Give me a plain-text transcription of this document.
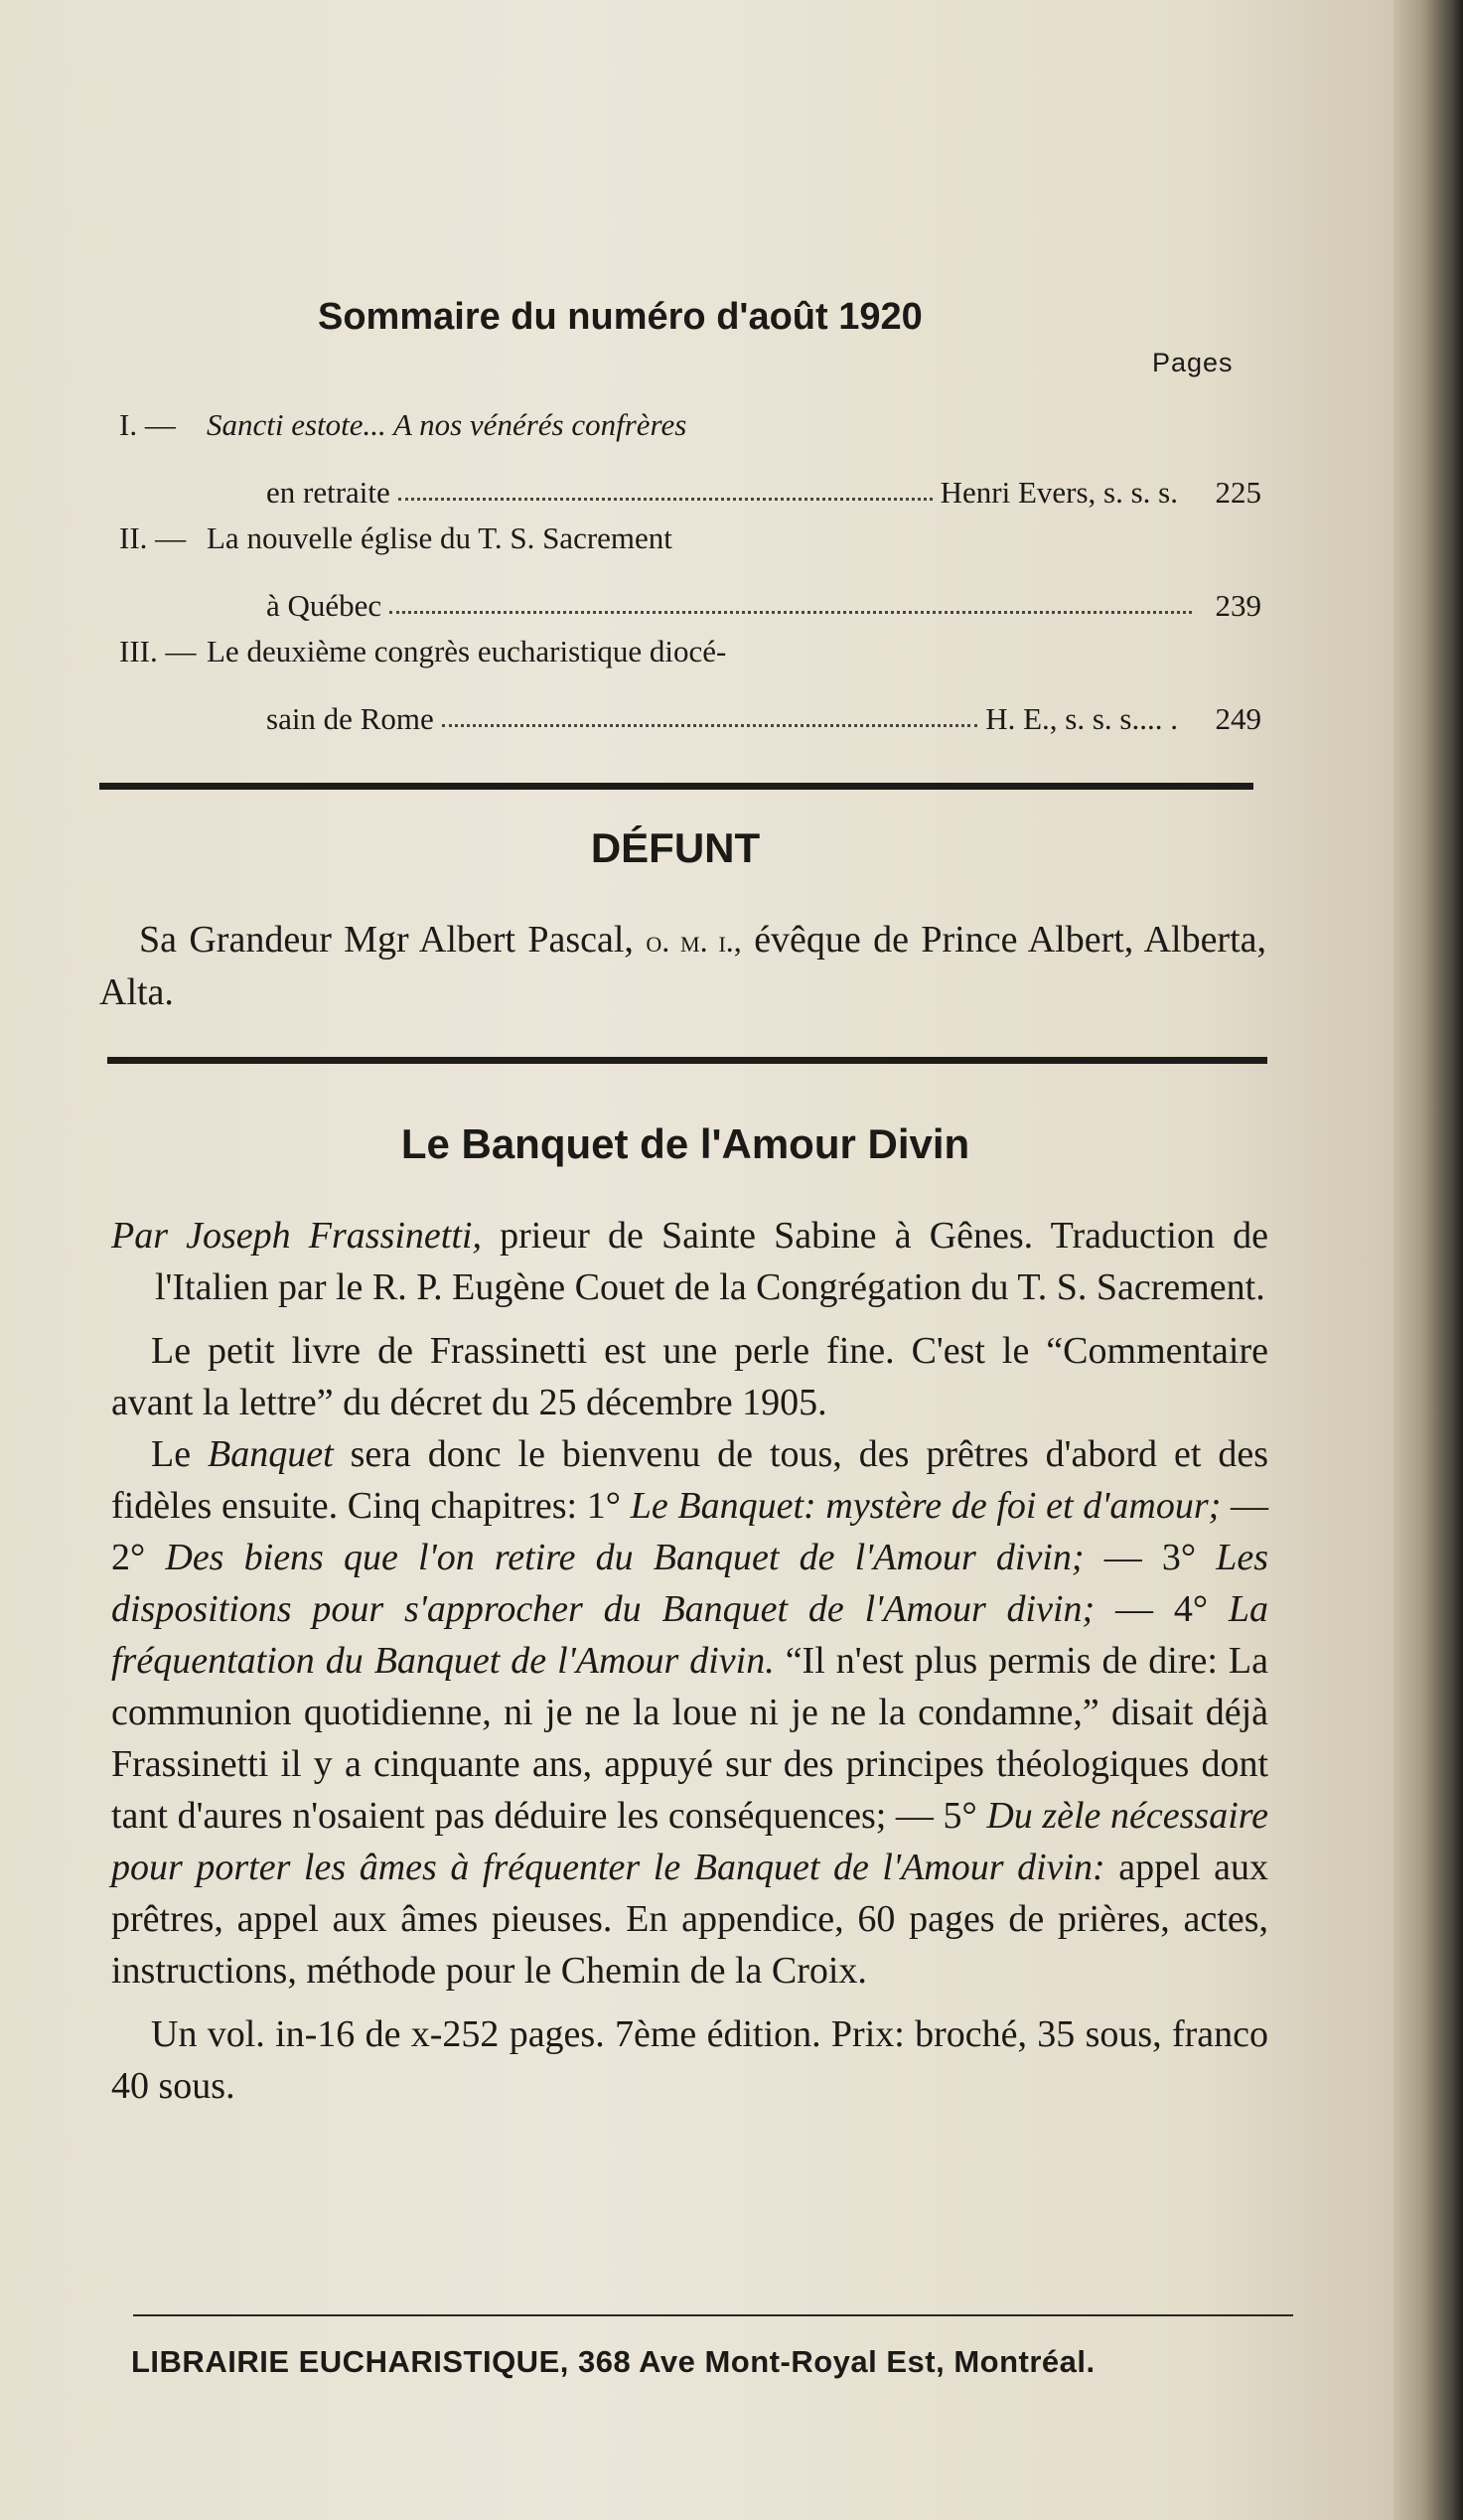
Sommaire du numéro d'août 1920
Pages
I. — Sancti estote... A nos vénérés confrères
en retraite	Henri Evers, s. s. s.	225
II. — La nouvelle église du T. S. Sacrement
à Québec	239
III. — Le deuxième congrès eucharistique diocé-
sain de Rome	H. E., s. s. s.... .	249
DÉFUNT

Sa Grandeur Mgr Albert Pascal, o. m. i., évêque de Prince Albert, Alberta, Alta.

Le Banquet de l'Amour Divin

Par Joseph Frassinetti, prieur de Sainte Sabine à Gênes. Traduction de l'Italien par le R. P. Eugène Couet de la Congrégation du T. S. Sacrement.

Le petit livre de Frassinetti est une perle fine. C'est le “Commentaire avant la lettre” du décret du 25 décembre 1905.

Le Banquet sera donc le bienvenu de tous, des prêtres d'abord et des fidèles ensuite. Cinq chapitres: 1° Le Banquet: mystère de foi et d'amour; — 2° Des biens que l'on retire du Banquet de l'Amour divin; — 3° Les dispositions pour s'approcher du Banquet de l'Amour divin; — 4° La fréquentation du Banquet de l'Amour divin. “Il n'est plus permis de dire: La communion quotidienne, ni je ne la loue ni je ne la condamne,” disait déjà Frassinetti il y a cinquante ans, appuyé sur des principes théologiques dont tant d'aures n'osaient pas déduire les conséquences; — 5° Du zèle nécessaire pour porter les âmes à fréquenter le Banquet de l'Amour divin: appel aux prêtres, appel aux âmes pieuses. En appendice, 60 pages de prières, actes, instructions, méthode pour le Chemin de la Croix.

Un vol. in-16 de x-252 pages. 7ème édition. Prix: broché, 35 sous, franco 40 sous.

LIBRAIRIE EUCHARISTIQUE, 368 Ave Mont-Royal Est, Montréal.
